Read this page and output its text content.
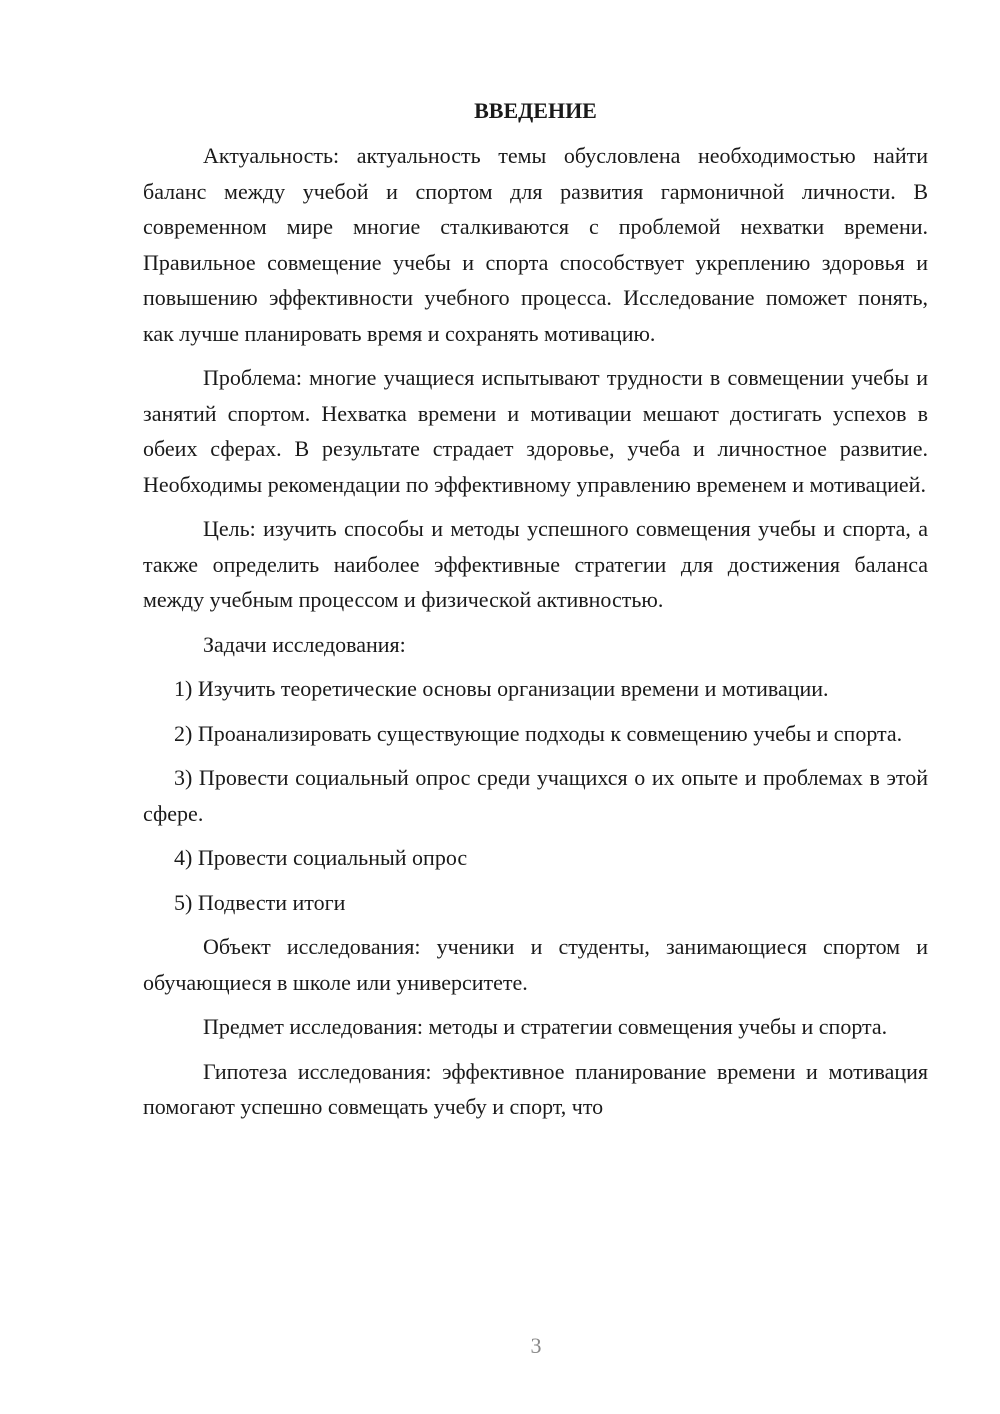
ВВЕДЕНИЕ

Актуальность: актуальность темы обусловлена необходимостью найти баланс между учебой и спортом для развития гармоничной личности. В современном мире многие сталкиваются с проблемой нехватки времени. Правильное совмещение учебы и спорта способствует укреплению здоровья и повышению эффективности учебного процесса. Исследование поможет понять, как лучше планировать время и сохранять мотивацию.

Проблема: многие учащиеся испытывают трудности в совмещении учебы и занятий спортом. Нехватка времени и мотивации мешают достигать успехов в обеих сферах. В результате страдает здоровье, учеба и личностное развитие. Необходимы рекомендации по эффективному управлению временем и мотивацией.

Цель: изучить способы и методы успешного совмещения учебы и спорта, а также определить наиболее эффективные стратегии для достижения баланса между учебным процессом и физической активностью.

Задачи исследования:

1) Изучить теоретические основы организации времени и мотивации.

2) Проанализировать существующие подходы к совмещению учебы и спорта.

3) Провести социальный опрос среди учащихся о их опыте и проблемах в этой сфере.

4) Провести социальный опрос

5) Подвести итоги

Объект исследования: ученики и студенты, занимающиеся спортом и обучающиеся в школе или университете.

Предмет исследования: методы и стратегии совмещения учебы и спорта.

Гипотеза исследования: эффективное планирование времени и мотивация помогают успешно совмещать учебу и спорт, что

3
